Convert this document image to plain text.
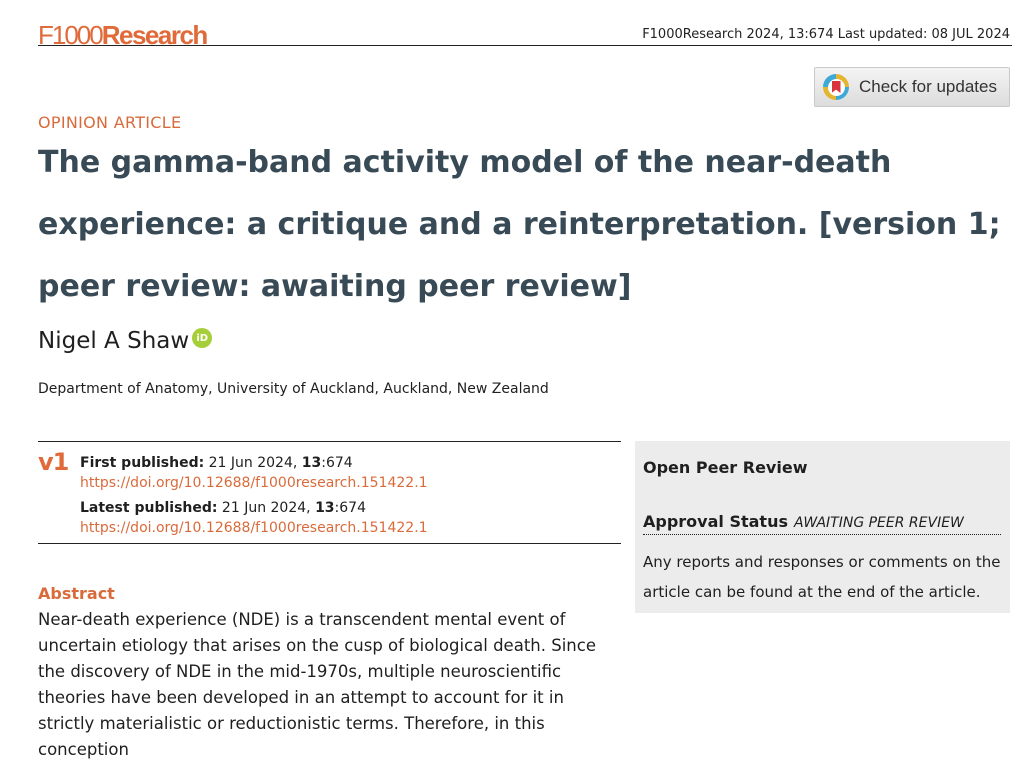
F1000Research	F1000Research 2024, 13:674 Last updated: 08 JUL 2024
Check for updates
OPINION ARTICLE
The gamma-band activity model of the near-death experience: a critique and a reinterpretation. [version 1; peer review: awaiting peer review]
Nigel A Shaw iD
Department of Anatomy, University of Auckland, Auckland, New Zealand
v1 First published: 21 Jun 2024, 13:674
https://doi.org/10.12688/f1000research.151422.1
Latest published: 21 Jun 2024, 13:674
https://doi.org/10.12688/f1000research.151422.1
Abstract

Near-death experience (NDE) is a transcendent mental event of uncertain etiology that arises on the cusp of biological death. Since the discovery of NDE in the mid-1970s, multiple neuroscientific theories have been developed in an attempt to account for it in strictly materialistic or reductionistic terms. Therefore, in this conception

Open Peer Review
Approval Status AWAITING PEER REVIEW
Any reports and responses or comments on the article can be found at the end of the article.
